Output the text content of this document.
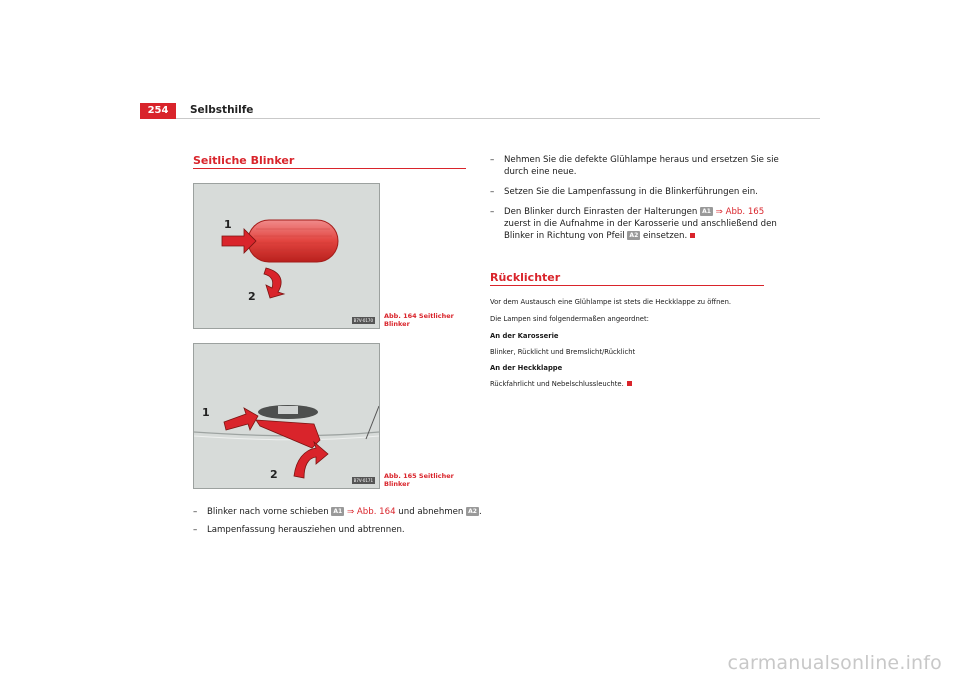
254	Selbsthilfe
Seitliche Blinker
1
2
B7V-0170
Abb. 164 Seitlicher
Blinker
1
2	B7V-0171
Abb. 165 Seitlicher
Blinker
– Blinker nach vorne schieben A1 ⇒ Abb. 164 und abnehmen A2 .
– Lampenfassung herausziehen und abtrennen.
– Nehmen Sie die defekte Glühlampe heraus und ersetzen Sie sie
durch eine neue.
– Setzen Sie die Lampenfassung in die Blinkerführungen ein.
– Den Blinker durch Einrasten der Halterungen A1 ⇒ Abb. 165
zuerst in die Aufnahme in der Karosserie und anschließend den
Blinker in Richtung von Pfeil A2 einsetzen.
Rücklichter
Vor dem Austausch eine Glühlampe ist stets die Heckklappe zu öffnen.
Die Lampen sind folgendermaßen angeordnet:
An der Karosserie
Blinker, Rücklicht und Bremslicht/Rücklicht
An der Heckklappe
Rückfahrlicht und Nebelschlussleuchte.
carmanualsonline.info
